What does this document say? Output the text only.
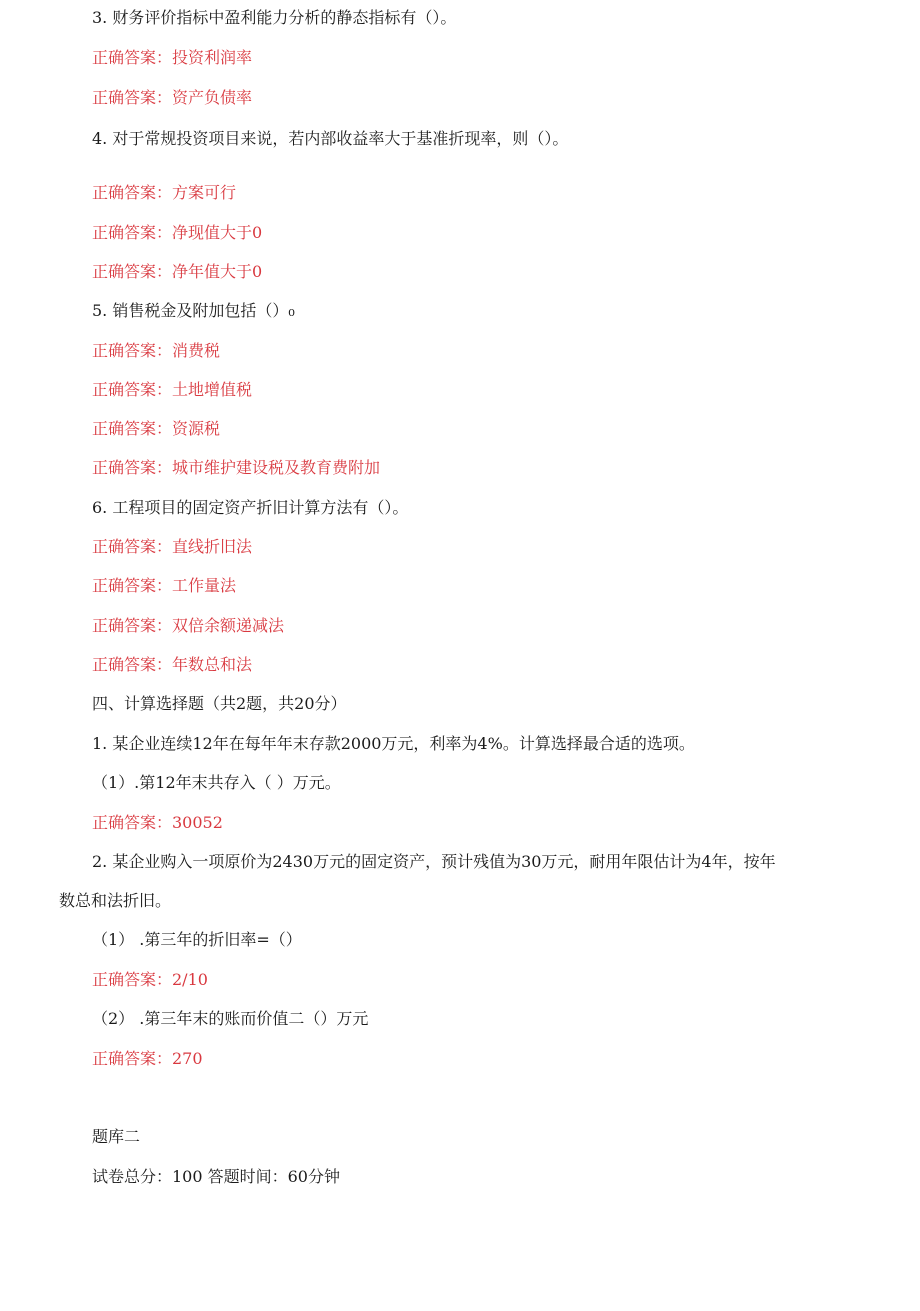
3. 财务评价指标中盈利能力分析的静态指标有（）。
正确答案：投资利润率
正确答案：资产负债率
4. 对于常规投资项目来说，若内部收益率大于基准折现率，则（）。
正确答案：方案可行
正确答案：净现值大于0
正确答案：净年值大于0
5. 销售税金及附加包括（）₀
正确答案：消费税
正确答案：土地增值税
正确答案：资源税
正确答案：城市维护建设税及教育费附加
6. 工程项目的固定资产折旧计算方法有（）。
正确答案：直线折旧法
正确答案：工作量法
正确答案：双倍余额递减法
正确答案：年数总和法
四、计算选择题（共2题，共20分）
1. 某企业连续12年在每年年末存款2000万元，利率为4%。计算选择最合适的选项。
（1）.第12年末共存入（ ）万元。
正确答案：30052
2. 某企业购入一项原价为2430万元的固定资产，预计残值为30万元，耐用年限估计为4年，按年
数总和法折旧。
（1） .第三年的折旧率=（）
正确答案：2/10
（2） .第三年末的账而价值二（）万元
正确答案：270
题库二
试卷总分：100 答题时间：60分钟
